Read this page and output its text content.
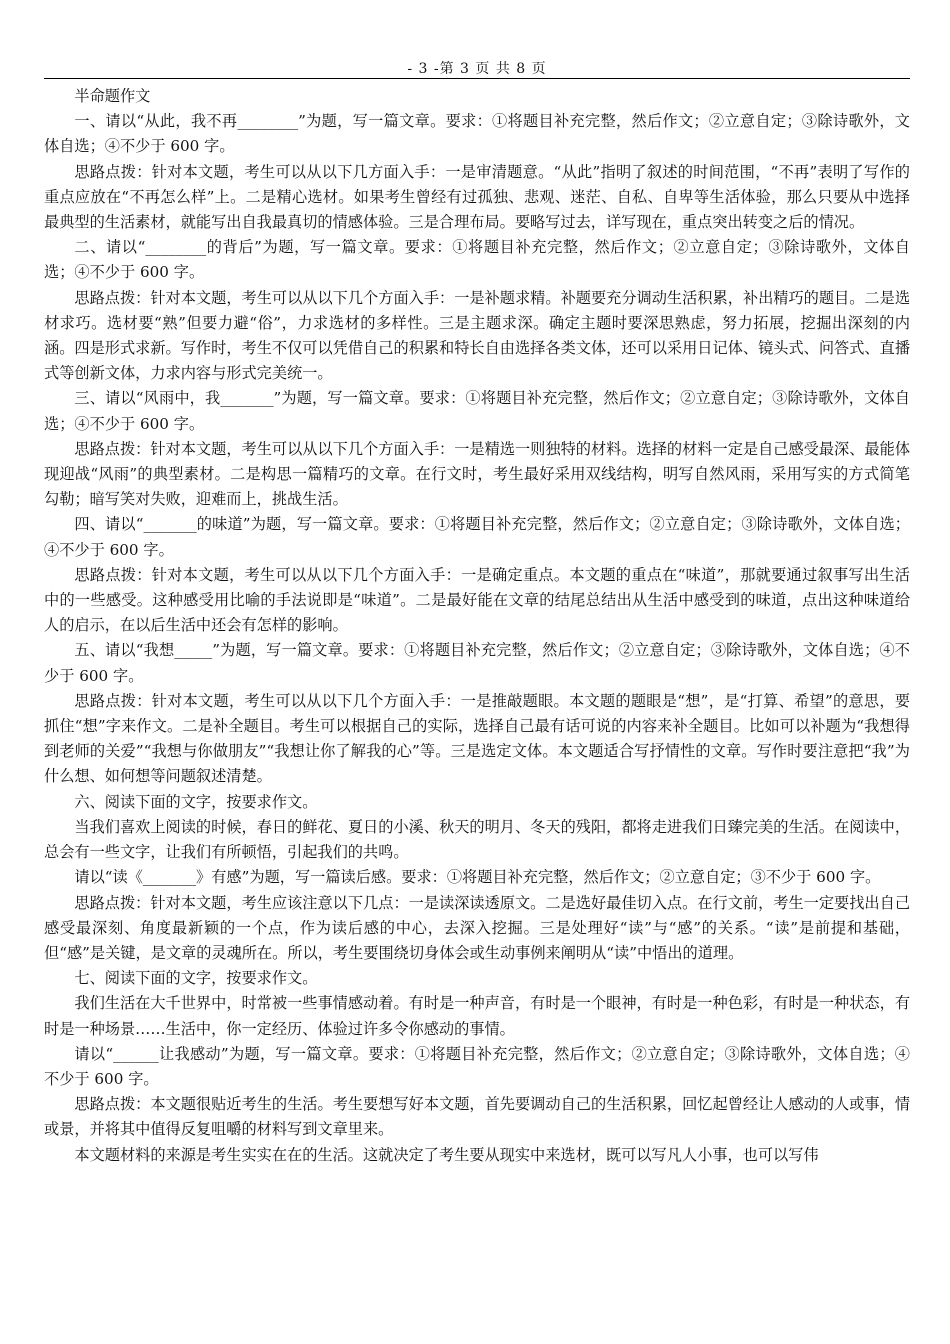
- 3 -第 3 页 共 8 页

半命题作文

一、请以“从此，我不再________”为题，写一篇文章。要求：①将题目补充完整，然后作文；②立意自定；③除诗歌外，文体自选；④不少于 600 字。

思路点拨：针对本文题，考生可以从以下几方面入手：一是审清题意。“从此”指明了叙述的时间范围，“不再”表明了写作的重点应放在“不再怎么样”上。二是精心选材。如果考生曾经有过孤独、悲观、迷茫、自私、自卑等生活体验，那么只要从中选择最典型的生活素材，就能写出自我最真切的情感体验。三是合理布局。要略写过去，详写现在，重点突出转变之后的情况。

二、请以“________的背后”为题，写一篇文章。要求：①将题目补充完整，然后作文；②立意自定；③除诗歌外，文体自选；④不少于 600 字。

思路点拨：针对本文题，考生可以从以下几个方面入手：一是补题求精。补题要充分调动生活积累，补出精巧的题目。二是选材求巧。选材要“熟”但要力避“俗”，力求选材的多样性。三是主题求深。确定主题时要深思熟虑，努力拓展，挖掘出深刻的内涵。四是形式求新。写作时，考生不仅可以凭借自己的积累和特长自由选择各类文体，还可以采用日记体、镜头式、问答式、直播式等创新文体，力求内容与形式完美统一。

三、请以“风雨中，我_______”为题，写一篇文章。要求：①将题目补充完整，然后作文；②立意自定；③除诗歌外，文体自选；④不少于 600 字。

思路点拨：针对本文题，考生可以从以下几个方面入手：一是精选一则独特的材料。选择的材料一定是自己感受最深、最能体现迎战“风雨”的典型素材。二是构思一篇精巧的文章。在行文时，考生最好采用双线结构，明写自然风雨，采用写实的方式简笔勾勒；暗写笑对失败，迎难而上，挑战生活。

四、请以“_______的味道”为题，写一篇文章。要求：①将题目补充完整，然后作文；②立意自定；③除诗歌外，文体自选；④不少于 600 字。

思路点拨：针对本文题，考生可以从以下几个方面入手：一是确定重点。本文题的重点在“味道”，那就要通过叙事写出生活中的一些感受。这种感受用比喻的手法说即是“味道”。二是最好能在文章的结尾总结出从生活中感受到的味道，点出这种味道给人的启示，在以后生活中还会有怎样的影响。

五、请以“我想_____”为题，写一篇文章。要求：①将题目补充完整，然后作文；②立意自定；③除诗歌外，文体自选；④不少于 600 字。

思路点拨：针对本文题，考生可以从以下几个方面入手：一是推敲题眼。本文题的题眼是“想”，是“打算、希望”的意思，要抓住“想”字来作文。二是补全题目。考生可以根据自己的实际，选择自己最有话可说的内容来补全题目。比如可以补题为“我想得到老师的关爱”“我想与你做朋友”“我想让你了解我的心”等。三是选定文体。本文题适合写抒情性的文章。写作时要注意把“我”为什么想、如何想等问题叙述清楚。

六、阅读下面的文字，按要求作文。

当我们喜欢上阅读的时候，春日的鲜花、夏日的小溪、秋天的明月、冬天的残阳，都将走进我们日臻完美的生活。在阅读中，总会有一些文字，让我们有所顿悟，引起我们的共鸣。

请以“读《_______》有感”为题，写一篇读后感。要求：①将题目补充完整，然后作文；②立意自定；③不少于 600 字。

思路点拨：针对本文题，考生应该注意以下几点：一是读深读透原文。二是选好最佳切入点。在行文前，考生一定要找出自己感受最深刻、角度最新颖的一个点，作为读后感的中心，去深入挖掘。三是处理好“读”与“感”的关系。“读”是前提和基础，但“感”是关键，是文章的灵魂所在。所以，考生要围绕切身体会或生动事例来阐明从“读”中悟出的道理。

七、阅读下面的文字，按要求作文。

我们生活在大千世界中，时常被一些事情感动着。有时是一种声音，有时是一个眼神，有时是一种色彩，有时是一种状态，有时是一种场景……生活中，你一定经历、体验过许多令你感动的事情。

请以“______让我感动”为题，写一篇文章。要求：①将题目补充完整，然后作文；②立意自定；③除诗歌外，文体自选；④不少于 600 字。

思路点拨：本文题很贴近考生的生活。考生要想写好本文题，首先要调动自己的生活积累，回忆起曾经让人感动的人或事，情或景，并将其中值得反复咀嚼的材料写到文章里来。

本文题材料的来源是考生实实在在的生活。这就决定了考生要从现实中来选材，既可以写凡人小事，也可以写伟
